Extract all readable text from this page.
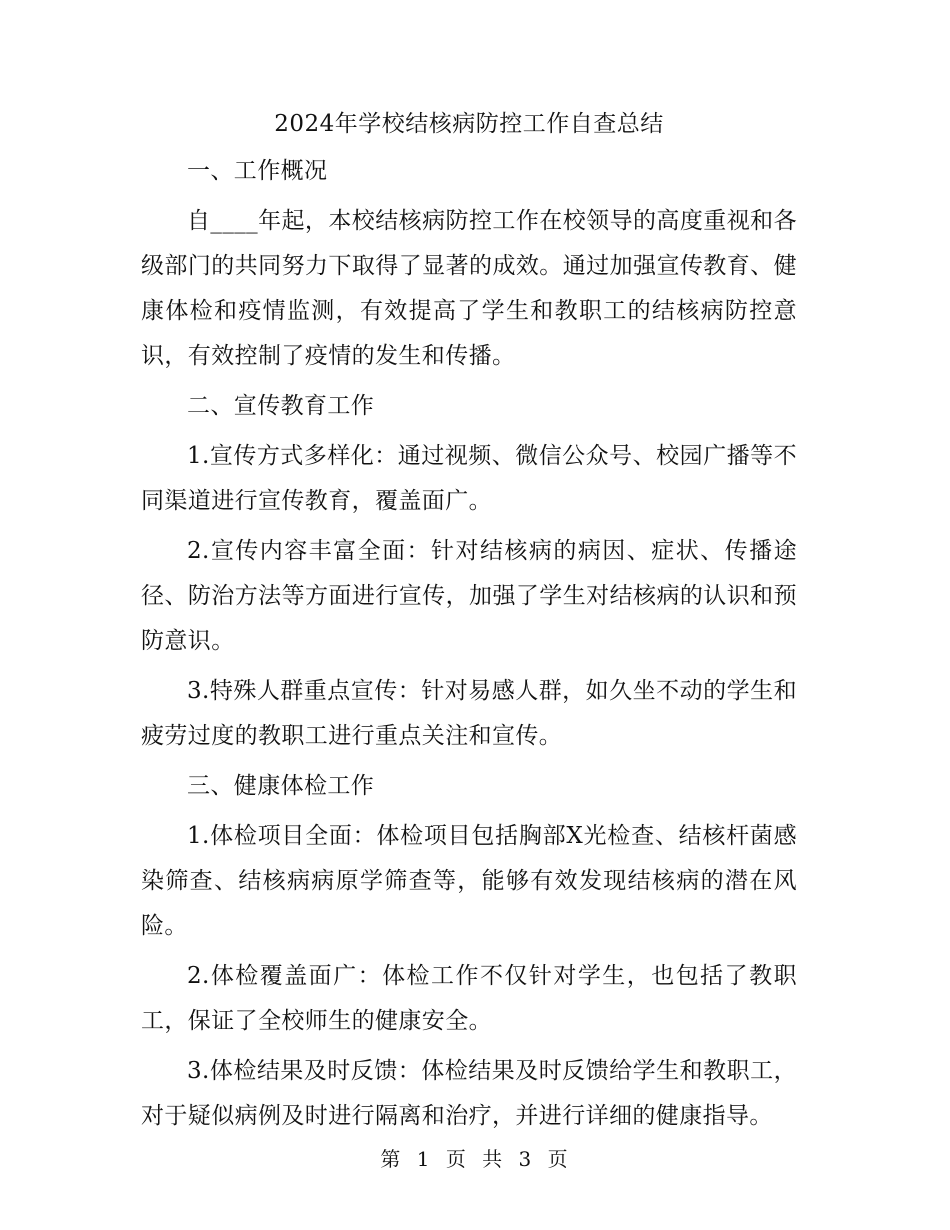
2024年学校结核病防控工作自查总结

一、工作概况

自____年起，本校结核病防控工作在校领导的高度重视和各级部门的共同努力下取得了显著的成效。通过加强宣传教育、健康体检和疫情监测，有效提高了学生和教职工的结核病防控意识，有效控制了疫情的发生和传播。

二、宣传教育工作

1.宣传方式多样化：通过视频、微信公众号、校园广播等不同渠道进行宣传教育，覆盖面广。

2.宣传内容丰富全面：针对结核病的病因、症状、传播途径、防治方法等方面进行宣传，加强了学生对结核病的认识和预防意识。

3.特殊人群重点宣传：针对易感人群，如久坐不动的学生和疲劳过度的教职工进行重点关注和宣传。

三、健康体检工作

1.体检项目全面：体检项目包括胸部X光检查、结核杆菌感染筛查、结核病病原学筛查等，能够有效发现结核病的潜在风险。

2.体检覆盖面广：体检工作不仅针对学生，也包括了教职工，保证了全校师生的健康安全。

3.体检结果及时反馈：体检结果及时反馈给学生和教职工，对于疑似病例及时进行隔离和治疗，并进行详细的健康指导。

第 1 页 共 3 页
